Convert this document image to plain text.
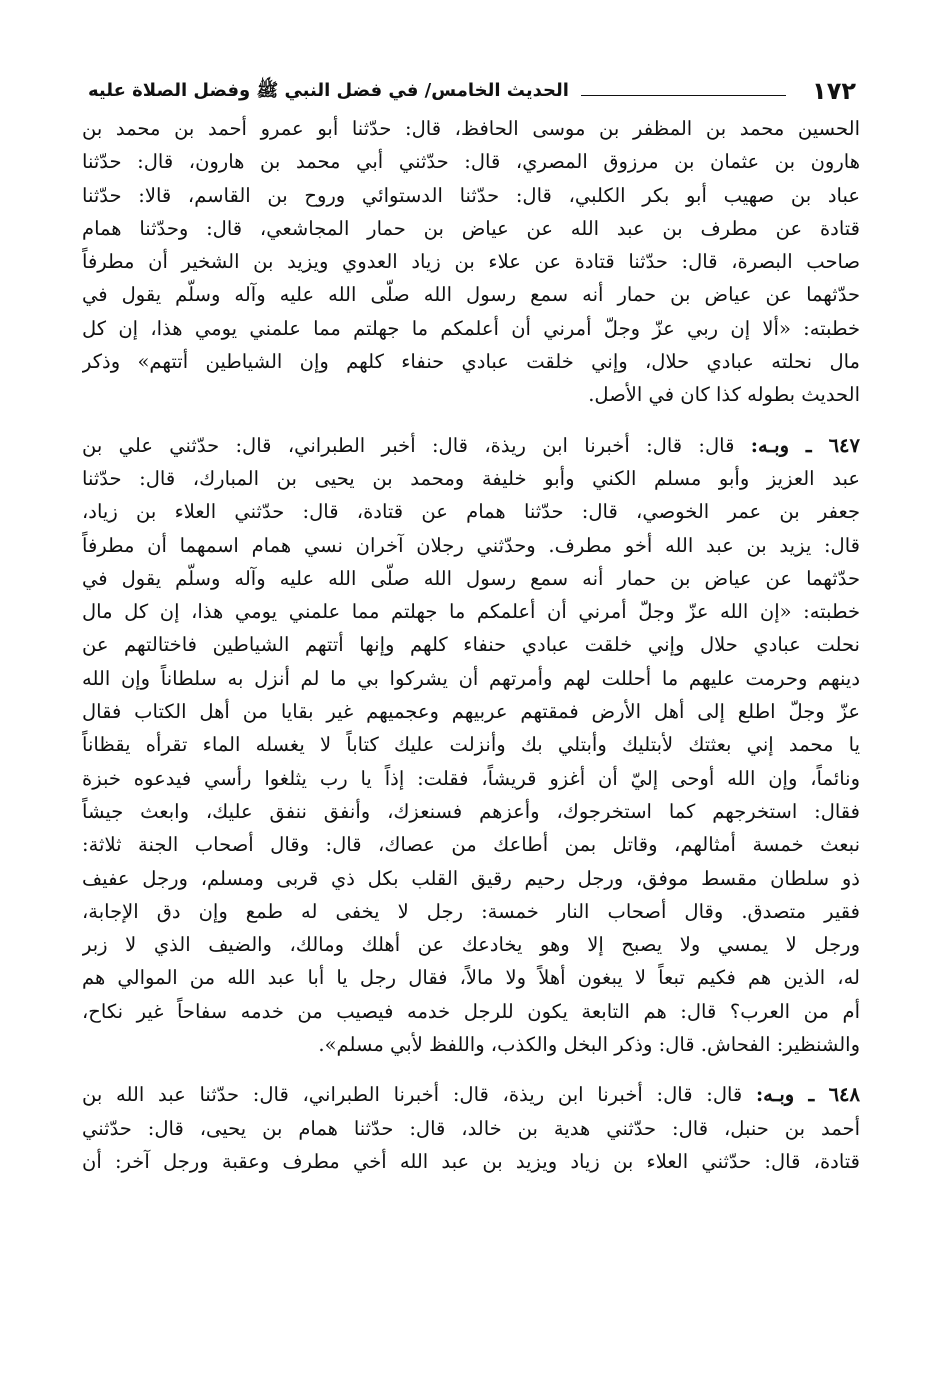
١٧٢
الحديث الخامس/ في فضل النبي ﷺ وفضل الصلاة عليه
الحسين محمد بن المظفر بن موسى الحافظ، قال: حدّثنا أبو عمرو أحمد بن محمد بن
هارون بن عثمان بن مرزوق المصري، قال: حدّثني أبي محمد بن هارون، قال: حدّثنا
عباد بن صهيب أبو بكر الكلبي، قال: حدّثنا الدستوائي وروح بن القاسم، قالا: حدّثنا
قتادة عن مطرف بن عبد الله عن عياض بن حمار المجاشعي، قال: وحدّثنا همام
صاحب البصرة، قال: حدّثنا قتادة عن علاء بن زياد العدوي ويزيد بن الشخير أن مطرفاً
حدّثهما عن عياض بن حمار أنه سمع رسول الله صلّى الله عليه وآله وسلّم يقول في
خطبته: «ألا إن ربي عزّ وجلّ أمرني أن أعلمكم ما جهلتم مما علمني يومي هذا، إن كل
مال نحلته عبادي حلال، وإني خلقت عبادي حنفاء كلهم وإن الشياطين أتتهم» وذكر
الحديث بطوله كذا كان في الأصل.
٦٤٧ ـ وبـه: قال: قال: أخبرنا ابن ريذة، قال: أخبر الطبراني، قال: حدّثني علي بن
عبد العزيز وأبو مسلم الكني وأبو خليفة ومحمد بن يحيى بن المبارك، قال: حدّثنا
جعفر بن عمر الخوصي، قال: حدّثنا همام عن قتادة، قال: حدّثني العلاء بن زياد،
قال: يزيد بن عبد الله أخو مطرف. وحدّثني رجلان آخران نسي همام اسمهما أن مطرفاً
حدّثهما عن عياض بن حمار أنه سمع رسول الله صلّى الله عليه وآله وسلّم يقول في
خطبته: «إن الله عزّ وجلّ أمرني أن أعلمكم ما جهلتم مما علمني يومي هذا، إن كل مال
نحلت عبادي حلال وإني خلقت عبادي حنفاء كلهم وإنها أتتهم الشياطين فاختالتهم عن
دينهم وحرمت عليهم ما أحللت لهم وأمرتهم أن يشركوا بي ما لم أنزل به سلطاناً وإن الله
عزّ وجلّ اطلع إلى أهل الأرض فمقتهم عربيهم وعجميهم غير بقايا من أهل الكتاب فقال
يا محمد إني بعثتك لأبتليك وأبتلي بك وأنزلت عليك كتاباً لا يغسله الماء تقرأه يقظاناً
ونائماً، وإن الله أوحى إليّ أن أغزو قريشاً، فقلت: إذاً يا رب يثلغوا رأسي فيدعوه خبزة
فقال: استخرجهم كما استخرجوك، وأعزهم فسنعزك، وأنفق ننفق عليك، وابعث جيشاً
نبعث خمسة أمثالهم، وقاتل بمن أطاعك من عصاك، قال: وقال أصحاب الجنة ثلاثة:
ذو سلطان مقسط موفق، ورجل رحيم رقيق القلب بكل ذي قربى ومسلم، ورجل عفيف
فقير متصدق. وقال أصحاب النار خمسة: رجل لا يخفى له طمع وإن دق الإجابة،
ورجل لا يمسي ولا يصبح إلا وهو يخادعك عن أهلك ومالك، والضيف الذي لا زبر
له، الذين هم فكيم تبعاً لا يبغون أهلاً ولا مالاً، فقال رجل يا أبا عبد الله من الموالي هم
أم من العرب؟ قال: هم التابعة يكون للرجل خدمه فيصيب من خدمه سفاحاً غير نكاح،
والشنظير: الفحاش. قال: وذكر البخل والكذب، واللفظ لأبي مسلم».
٦٤٨ ـ وبـه: قال: قال: أخبرنا ابن ريذة، قال: أخبرنا الطبراني، قال: حدّثنا عبد الله بن
أحمد بن حنبل، قال: حدّثني هدية بن خالد، قال: حدّثنا همام بن يحيى، قال: حدّثني
قتادة، قال: حدّثني العلاء بن زياد ويزيد بن عبد الله أخي مطرف وعقبة ورجل آخر: أن
